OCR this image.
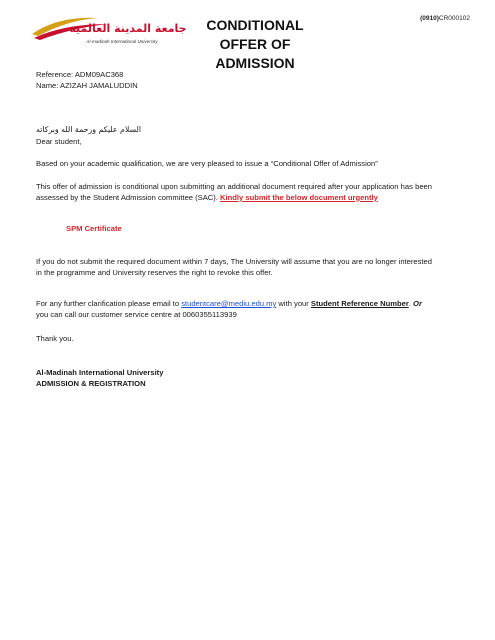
جامعة المدينة العالمية
Al-madinah International University
CONDITIONAL
OFFER OF ADMISSION
(0910)CR000102
Reference: ADM09AC368
Name: AZIZAH JAMALUDDIN
السلام عليكم ورحمة الله وبركاته
Dear student,
Based on your academic qualification, we are very pleased to issue a “Conditional Offer of Admission”
This offer of admission is conditional upon submitting an additional document required after your application has been assessed by the Student Admission committee (SAC). Kindly submit the below document urgently
SPM Certificate
If you do not submit the required document within 7 days, The University will assume that you are no longer interested in the programme and University reserves the right to revoke this offer.
For any further clarification please email to studentcare@mediu.edu.my with your Student Reference Number. Or you can call our customer service centre at 0060355113939
Thank you.
Al-Madinah International University
ADMISSION & REGISTRATION
